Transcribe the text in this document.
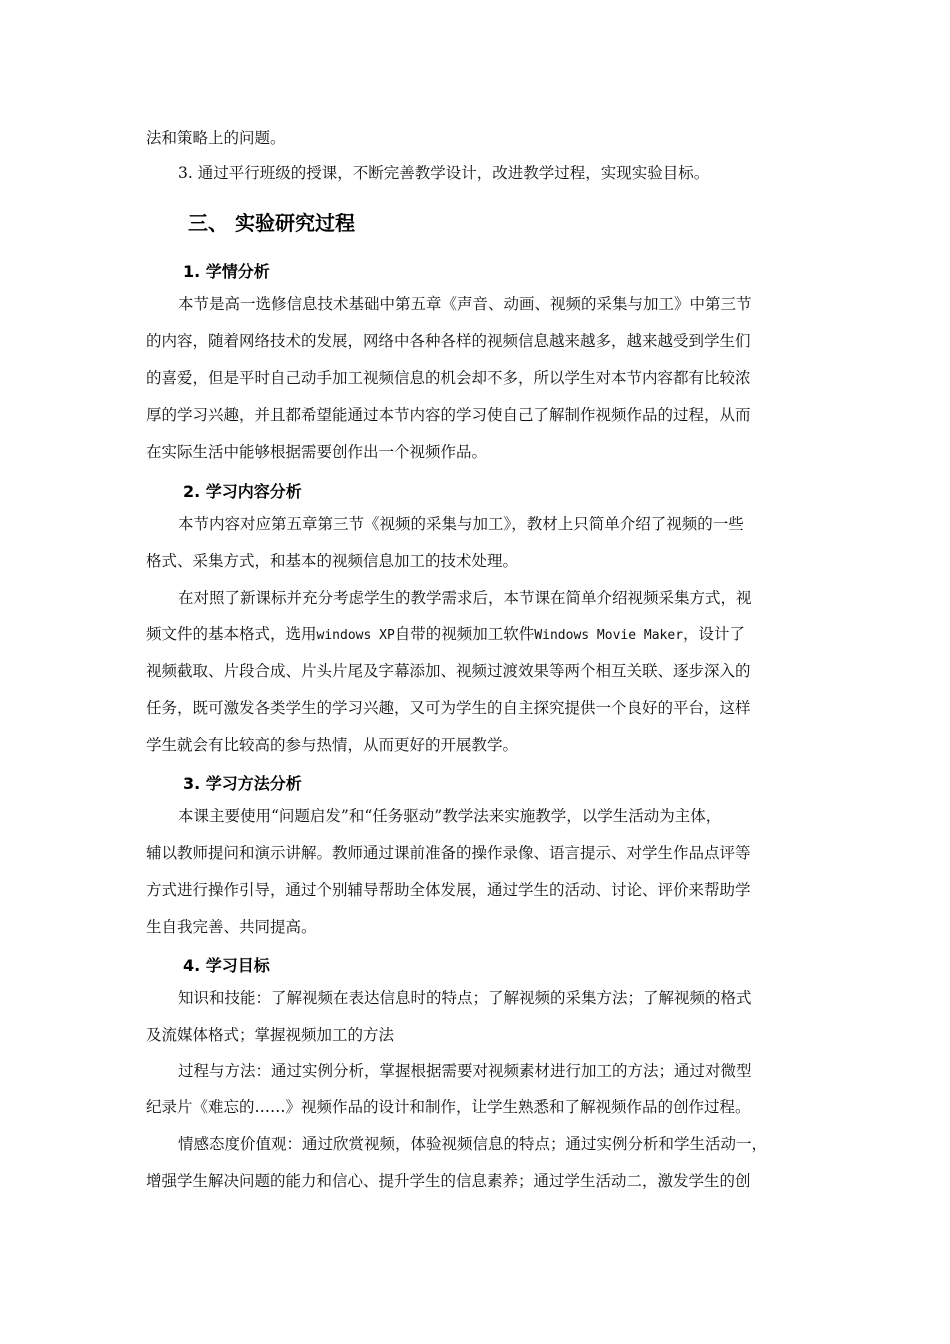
法和策略上的问题。
3. 通过平行班级的授课，不断完善教学设计，改进教学过程，实现实验目标。
三、 实验研究过程
1. 学情分析
本节是高一选修信息技术基础中第五章《声音、动画、视频的采集与加工》中第三节
的内容，随着网络技术的发展，网络中各种各样的视频信息越来越多，越来越受到学生们
的喜爱，但是平时自己动手加工视频信息的机会却不多，所以学生对本节内容都有比较浓
厚的学习兴趣，并且都希望能通过本节内容的学习使自己了解制作视频作品的过程，从而
在实际生活中能够根据需要创作出一个视频作品。
2. 学习内容分析
本节内容对应第五章第三节《视频的采集与加工》，教材上只简单介绍了视频的一些
格式、采集方式，和基本的视频信息加工的技术处理。
在对照了新课标并充分考虑学生的教学需求后，本节课在简单介绍视频采集方式，视
频文件的基本格式，选用windows XP自带的视频加工软件Windows Movie Maker，设计了
视频截取、片段合成、片头片尾及字幕添加、视频过渡效果等两个相互关联、逐步深入的
任务，既可激发各类学生的学习兴趣，又可为学生的自主探究提供一个良好的平台，这样
学生就会有比较高的参与热情，从而更好的开展教学。
3. 学习方法分析
本课主要使用“问题启发”和“任务驱动”教学法来实施教学，以学生活动为主体，
辅以教师提问和演示讲解。教师通过课前准备的操作录像、语言提示、对学生作品点评等
方式进行操作引导，通过个别辅导帮助全体发展，通过学生的活动、讨论、评价来帮助学
生自我完善、共同提高。
4. 学习目标
知识和技能：了解视频在表达信息时的特点；了解视频的采集方法；了解视频的格式
及流媒体格式；掌握视频加工的方法
过程与方法：通过实例分析，掌握根据需要对视频素材进行加工的方法；通过对微型
纪录片《难忘的……》视频作品的设计和制作，让学生熟悉和了解视频作品的创作过程。
情感态度价值观：通过欣赏视频，体验视频信息的特点；通过实例分析和学生活动一，
增强学生解决问题的能力和信心、提升学生的信息素养；通过学生活动二，激发学生的创
